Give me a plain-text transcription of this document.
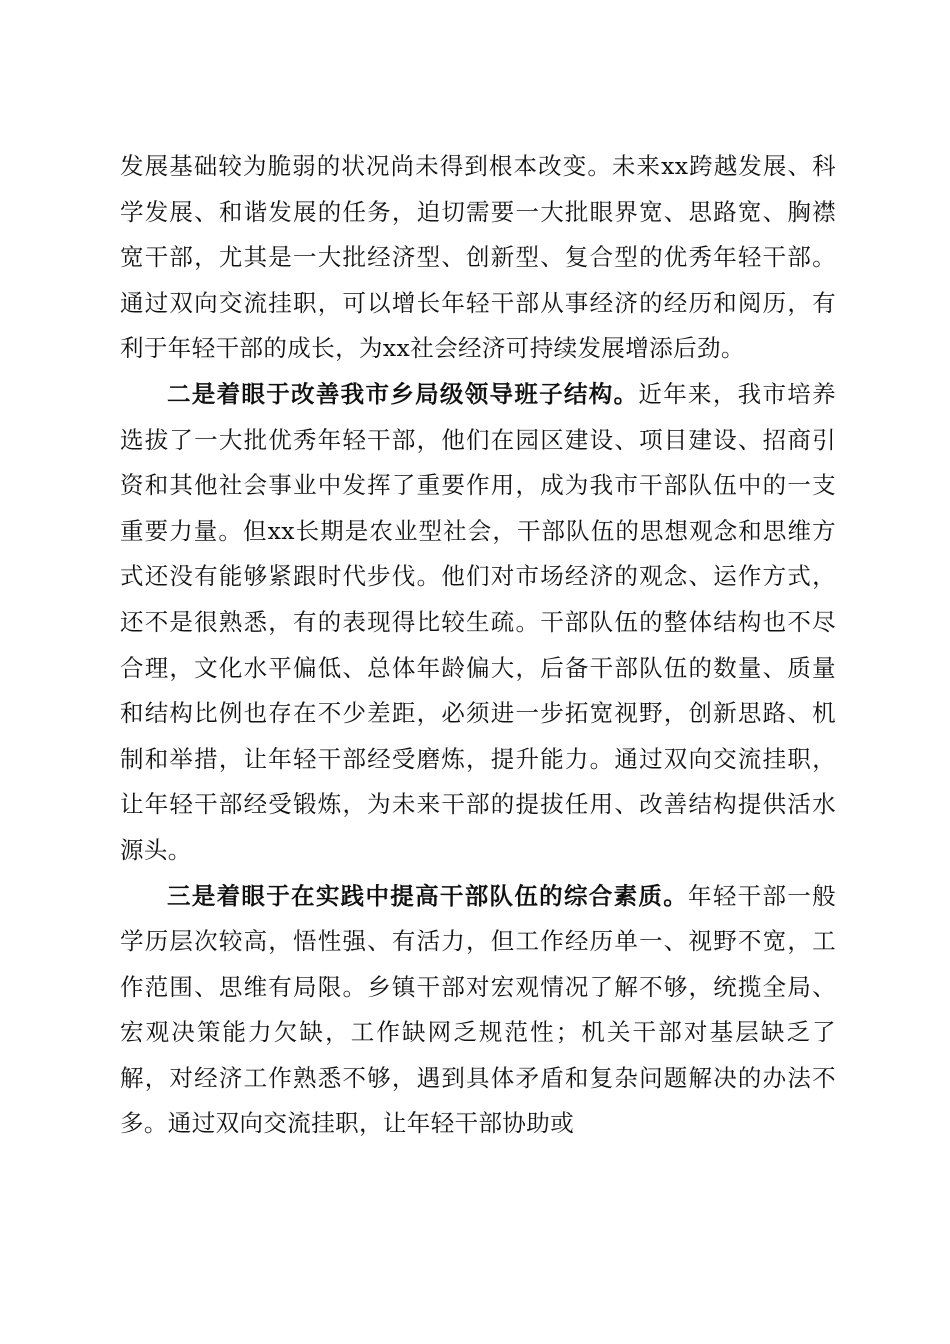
发展基础较为脆弱的状况尚未得到根本改变。未来xx跨越发展、科学发展、和谐发展的任务，迫切需要一大批眼界宽、思路宽、胸襟宽干部，尤其是一大批经济型、创新型、复合型的优秀年轻干部。通过双向交流挂职，可以增长年轻干部从事经济的经历和阅历，有利于年轻干部的成长，为xx社会经济可持续发展增添后劲。

二是着眼于改善我市乡局级领导班子结构。近年来，我市培养选拔了一大批优秀年轻干部，他们在园区建设、项目建设、招商引资和其他社会事业中发挥了重要作用，成为我市干部队伍中的一支重要力量。但xx长期是农业型社会，干部队伍的思想观念和思维方式还没有能够紧跟时代步伐。他们对市场经济的观念、运作方式，还不是很熟悉，有的表现得比较生疏。干部队伍的整体结构也不尽合理，文化水平偏低、总体年龄偏大，后备干部队伍的数量、质量和结构比例也存在不少差距，必须进一步拓宽视野，创新思路、机制和举措，让年轻干部经受磨炼，提升能力。通过双向交流挂职，让年轻干部经受锻炼，为未来干部的提拔任用、改善结构提供活水源头。

三是着眼于在实践中提高干部队伍的综合素质。年轻干部一般学历层次较高，悟性强、有活力，但工作经历单一、视野不宽，工作范围、思维有局限。乡镇干部对宏观情况了解不够，统揽全局、宏观决策能力欠缺，工作缺网乏规范性；机关干部对基层缺乏了解，对经济工作熟悉不够，遇到具体矛盾和复杂问题解决的办法不多。通过双向交流挂职，让年轻干部协助或
